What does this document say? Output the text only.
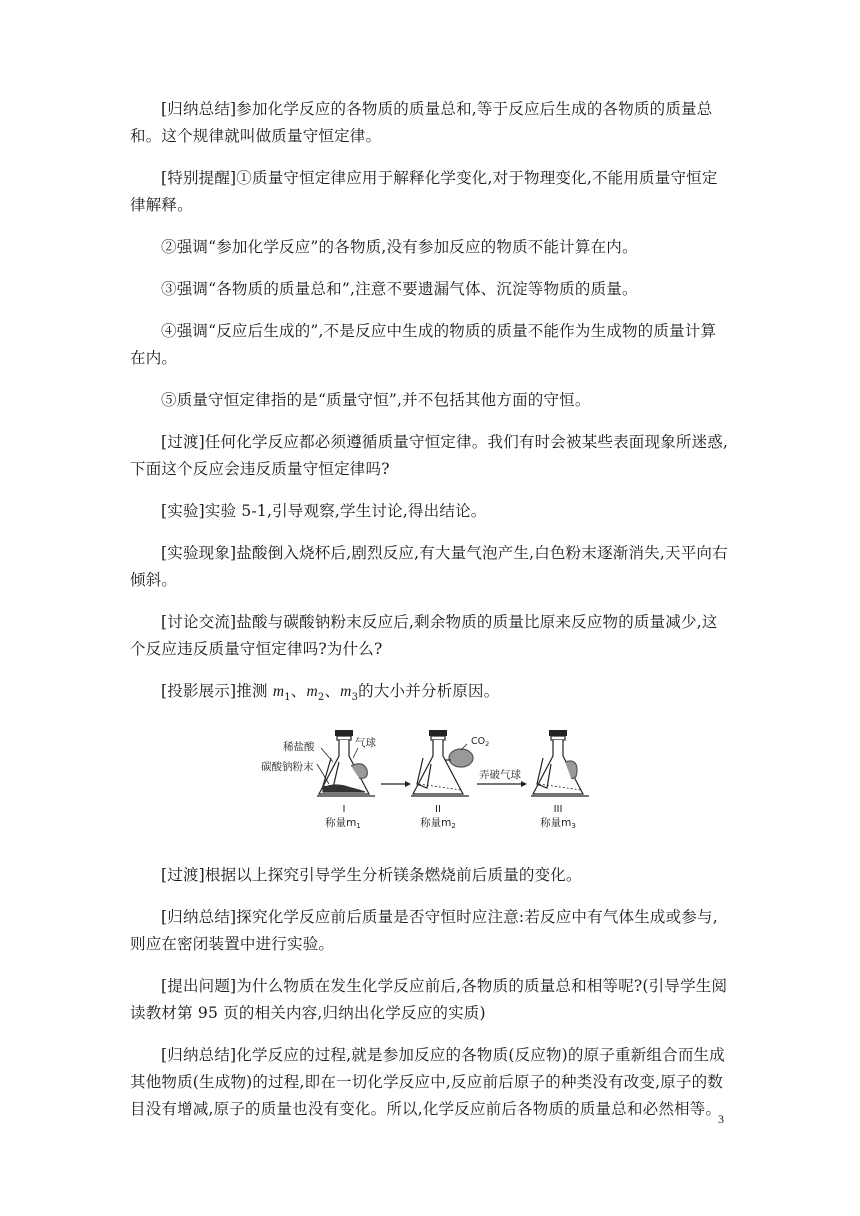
[归纳总结]参加化学反应的各物质的质量总和,等于反应后生成的各物质的质量总和。这个规律就叫做质量守恒定律。

[特别提醒]①质量守恒定律应用于解释化学变化,对于物理变化,不能用质量守恒定律解释。

②强调“参加化学反应”的各物质,没有参加反应的物质不能计算在内。

③强调“各物质的质量总和”,注意不要遗漏气体、沉淀等物质的质量。

④强调“反应后生成的”,不是反应中生成的物质的质量不能作为生成物的质量计算在内。

⑤质量守恒定律指的是“质量守恒”,并不包括其他方面的守恒。

[过渡]任何化学反应都必须遵循质量守恒定律。我们有时会被某些表面现象所迷惑,下面这个反应会违反质量守恒定律吗?

[实验]实验 5-1,引导观察,学生讨论,得出结论。

[实验现象]盐酸倒入烧杯后,剧烈反应,有大量气泡产生,白色粉末逐渐消失,天平向右倾斜。

[讨论交流]盐酸与碳酸钠粉末反应后,剩余物质的质量比原来反应物的质量减少,这个反应违反质量守恒定律吗?为什么?

[投影展示]推测 $m_1$、$m_2$、$m_3$的大小并分析原因。

稀盐酸
碳酸钠粉末
气球
I
称量m1
$CO_2$
II
称量m2
弄破气球
III
称量m3

[过渡]根据以上探究引导学生分析镁条燃烧前后质量的变化。

[归纳总结]探究化学反应前后质量是否守恒时应注意:若反应中有气体生成或参与,则应在密闭装置中进行实验。

[提出问题]为什么物质在发生化学反应前后,各物质的质量总和相等呢?(引导学生阅读教材第 95 页的相关内容,归纳出化学反应的实质)

[归纳总结]化学反应的过程,就是参加反应的各物质(反应物)的原子重新组合而生成其他物质(生成物)的过程,即在一切化学反应中,反应前后原子的种类没有改变,原子的数目没有增减,原子的质量也没有变化。所以,化学反应前后各物质的质量总和必然相等。

3
